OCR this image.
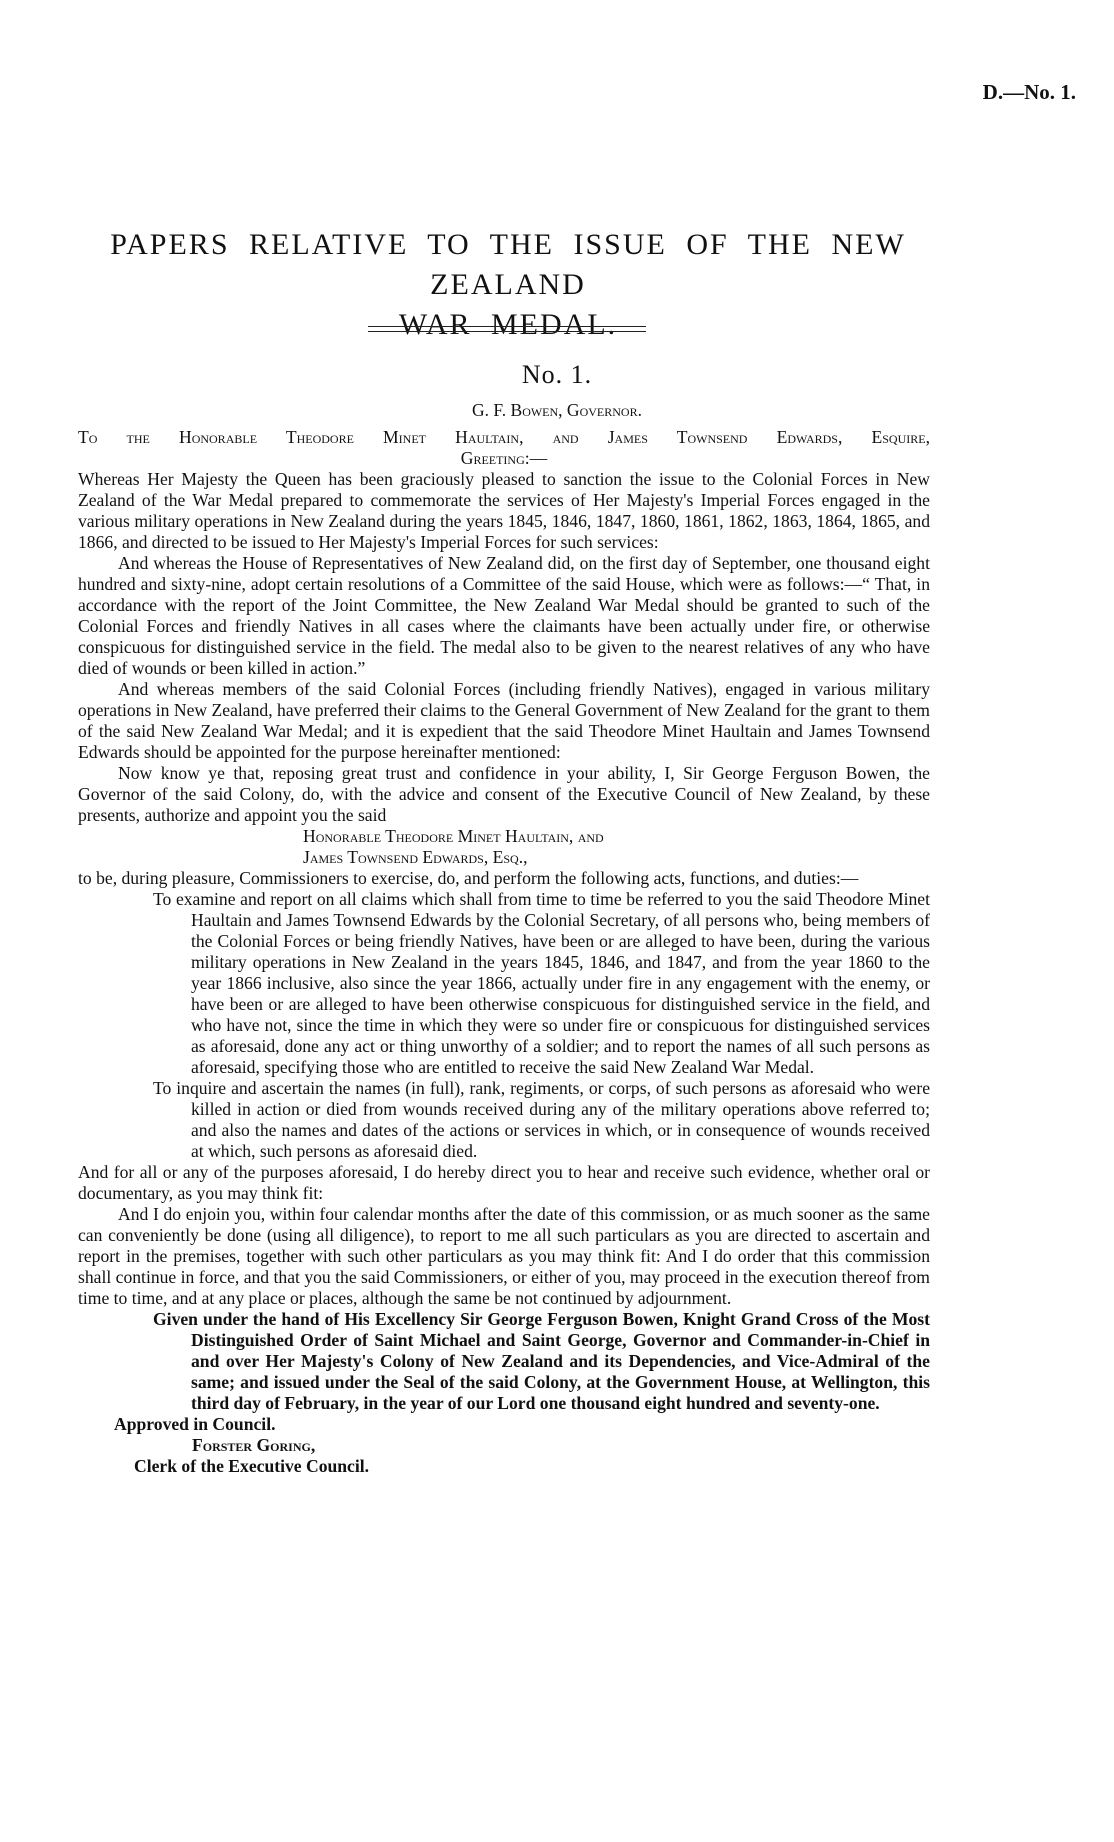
D.—No. 1.
PAPERS RELATIVE TO THE ISSUE OF THE NEW ZEALAND
WAR MEDAL.
No. 1.
G. F. Bowen, Governor.

To the Honorable Theodore Minet Haultain, and James Townsend Edwards, Esquire,

Greeting:—

Whereas Her Majesty the Queen has been graciously pleased to sanction the issue to the Colonial Forces in New Zealand of the War Medal prepared to commemorate the services of Her Majesty's Imperial Forces engaged in the various military operations in New Zealand during the years 1845, 1846, 1847, 1860, 1861, 1862, 1863, 1864, 1865, and 1866, and directed to be issued to Her Majesty's Imperial Forces for such services:

And whereas the House of Representatives of New Zealand did, on the first day of September, one thousand eight hundred and sixty-nine, adopt certain resolutions of a Committee of the said House, which were as follows:—“ That, in accordance with the report of the Joint Committee, the New Zealand War Medal should be granted to such of the Colonial Forces and friendly Natives in all cases where the claimants have been actually under fire, or otherwise conspicuous for distinguished service in the field. The medal also to be given to the nearest relatives of any who have died of wounds or been killed in action.”

And whereas members of the said Colonial Forces (including friendly Natives), engaged in various military operations in New Zealand, have preferred their claims to the General Government of New Zealand for the grant to them of the said New Zealand War Medal; and it is expedient that the said Theodore Minet Haultain and James Townsend Edwards should be appointed for the purpose hereinafter mentioned:

Now know ye that, reposing great trust and confidence in your ability, I, Sir George Ferguson Bowen, the Governor of the said Colony, do, with the advice and consent of the Executive Council of New Zealand, by these presents, authorize and appoint you the said

Honorable Theodore Minet Haultain, and

James Townsend Edwards, Esq.,

to be, during pleasure, Commissioners to exercise, do, and perform the following acts, functions, and duties:—

To examine and report on all claims which shall from time to time be referred to you the said Theodore Minet Haultain and James Townsend Edwards by the Colonial Secretary, of all persons who, being members of the Colonial Forces or being friendly Natives, have been or are alleged to have been, during the various military operations in New Zealand in the years 1845, 1846, and 1847, and from the year 1860 to the year 1866 inclusive, also since the year 1866, actually under fire in any engagement with the enemy, or have been or are alleged to have been otherwise conspicuous for distinguished service in the field, and who have not, since the time in which they were so under fire or conspicuous for distinguished services as aforesaid, done any act or thing unworthy of a soldier; and to report the names of all such persons as aforesaid, specifying those who are entitled to receive the said New Zealand War Medal.

To inquire and ascertain the names (in full), rank, regiments, or corps, of such persons as aforesaid who were killed in action or died from wounds received during any of the military operations above referred to; and also the names and dates of the actions or services in which, or in consequence of wounds received at which, such persons as aforesaid died.

And for all or any of the purposes aforesaid, I do hereby direct you to hear and receive such evidence, whether oral or documentary, as you may think fit:

And I do enjoin you, within four calendar months after the date of this commission, or as much sooner as the same can conveniently be done (using all diligence), to report to me all such particulars as you are directed to ascertain and report in the premises, together with such other particulars as you may think fit: And I do order that this commission shall continue in force, and that you the said Commissioners, or either of you, may proceed in the execution thereof from time to time, and at any place or places, although the same be not continued by adjournment.

Given under the hand of His Excellency Sir George Ferguson Bowen, Knight Grand Cross of the Most Distinguished Order of Saint Michael and Saint George, Governor and Commander-in-Chief in and over Her Majesty's Colony of New Zealand and its Dependencies, and Vice-Admiral of the same; and issued under the Seal of the said Colony, at the Government House, at Wellington, this third day of February, in the year of our Lord one thousand eight hundred and seventy-one.

Approved in Council.

Forster Goring,

Clerk of the Executive Council.
